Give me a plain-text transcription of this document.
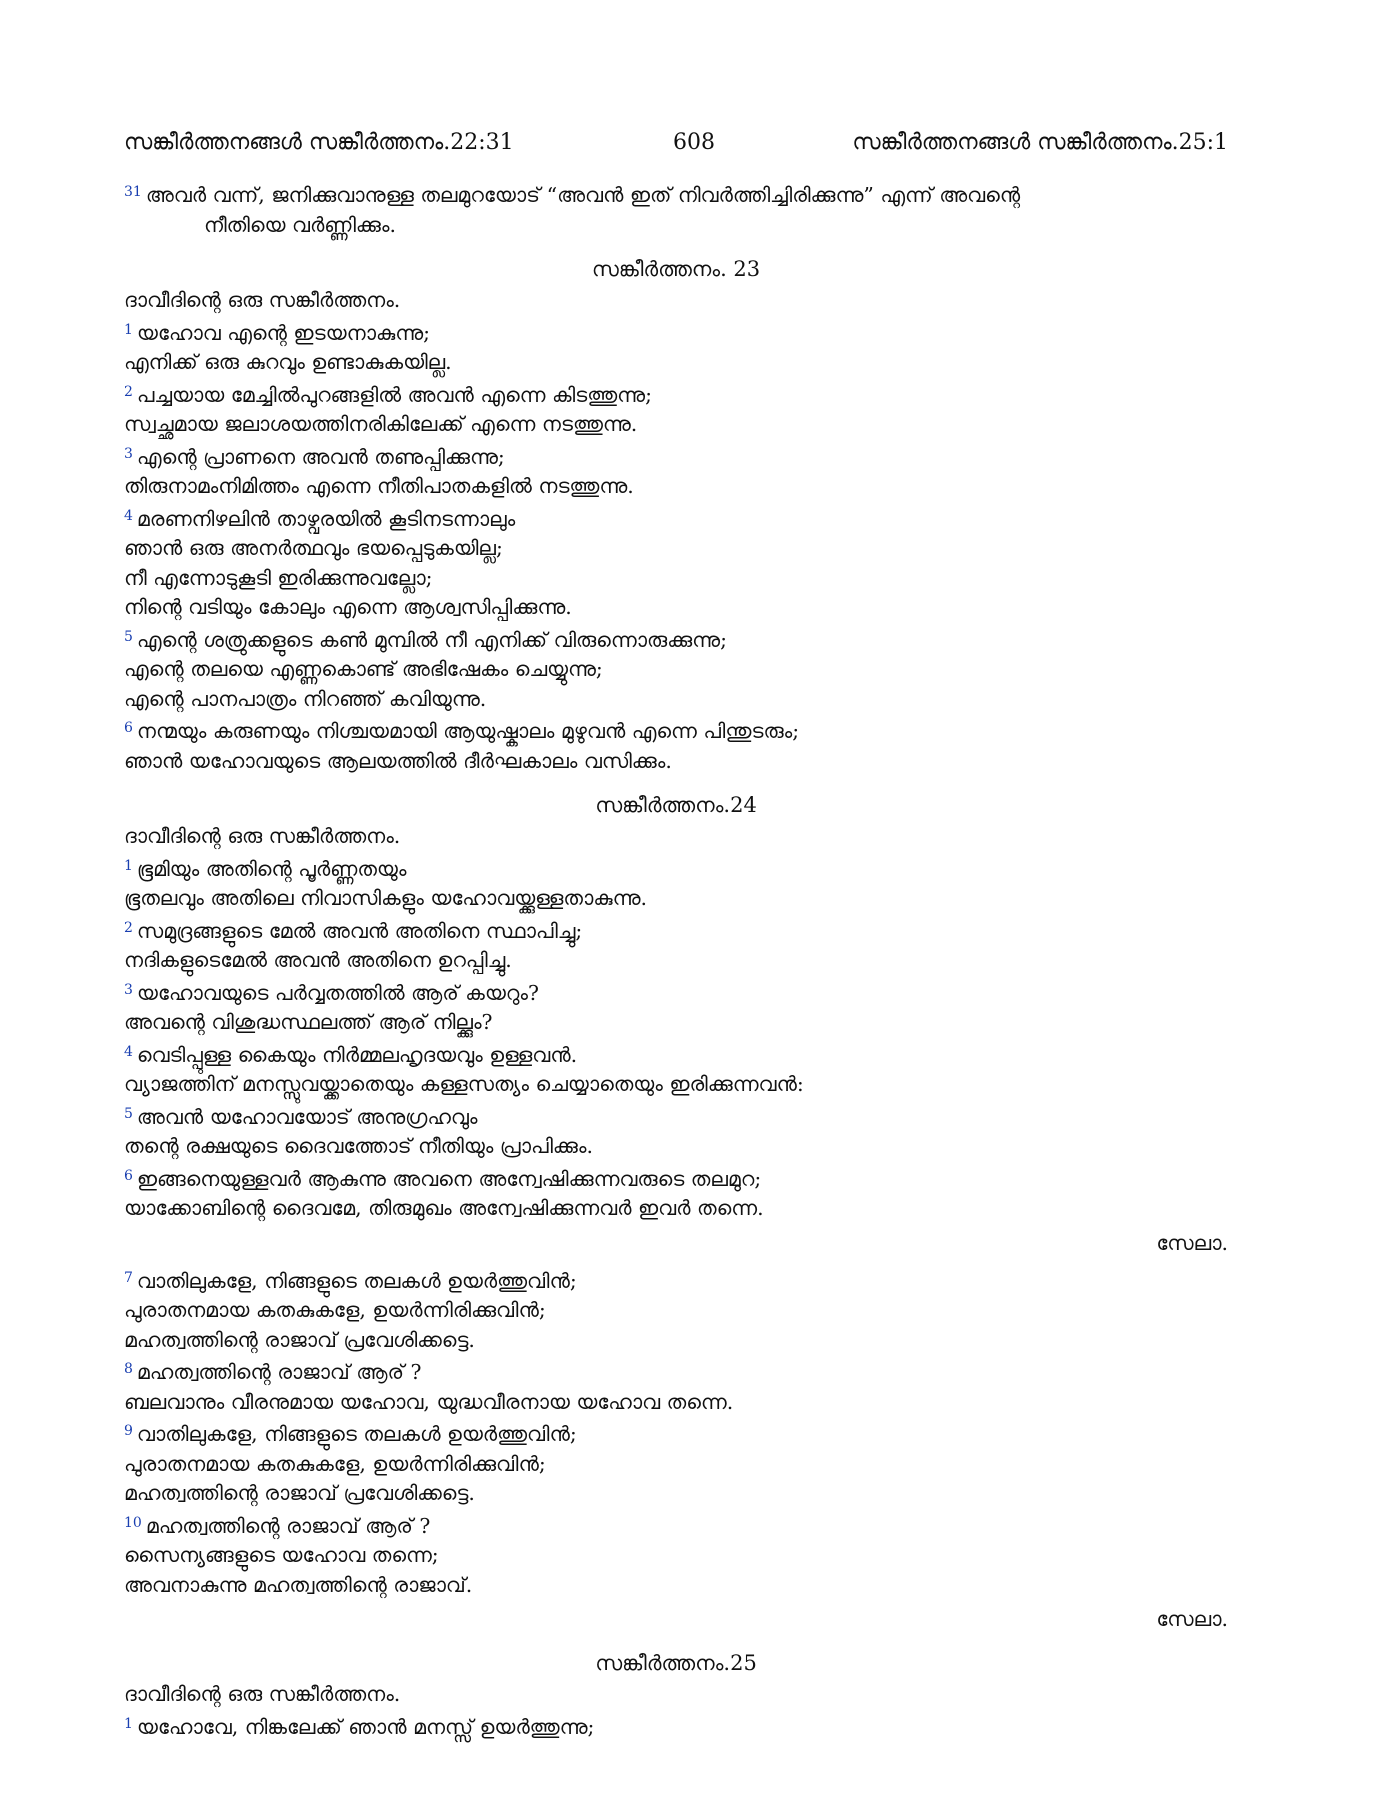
സങ്കീർത്തനങ്ങൾ സങ്കീർത്തനം.22:31	608	സങ്കീർത്തനങ്ങൾ സങ്കീർത്തനം.25:1
$^{31}$ അവർ വന്ന്, ജനിക്കുവാനുള്ള തലമുറയോട് “അവൻ ഇത് നിവർത്തിച്ചിരിക്കുന്നു” എന്ന് അവന്റെ
നീതിയെ വർണ്ണിക്കും.
സങ്കീർത്തനം. 23
ദാവീദിന്റെ ഒരു സങ്കീർത്തനം.
$^1$ യഹോവ എന്റെ ഇടയനാകുന്നു;
എനിക്ക് ഒരു കുറവും ഉണ്ടാകുകയില്ല.
$^2$ പച്ചയായ മേച്ചിൽപുറങ്ങളിൽ അവൻ എന്നെ കിടത്തുന്നു;
സ്വച്ഛമായ ജലാശയത്തിനരികിലേക്ക് എന്നെ നടത്തുന്നു.
$^3$ എന്റെ പ്രാണനെ അവൻ തണുപ്പിക്കുന്നു;
തിരുനാമംനിമിത്തം എന്നെ നീതിപാതകളിൽ നടത്തുന്നു.
$^4$ മരണനിഴലിൻ താഴ്വരയിൽ കൂടിനടന്നാലും
ഞാൻ ഒരു അനർത്ഥവും ഭയപ്പെടുകയില്ല;
നീ എന്നോടുകൂടി ഇരിക്കുന്നുവല്ലോ;
നിന്റെ വടിയും കോലും എന്നെ ആശ്വസിപ്പിക്കുന്നു.
$^5$ എന്റെ ശത്രുക്കളുടെ കൺ മുമ്പിൽ നീ എനിക്ക് വിരുന്നൊരുക്കുന്നു;
എന്റെ തലയെ എണ്ണകൊണ്ട് അഭിഷേകം ചെയ്യുന്നു;
എന്റെ പാനപാത്രം നിറഞ്ഞ് കവിയുന്നു.
$^6$ നന്മയും കരുണയും നിശ്ചയമായി ആയുഷ്കാലം മുഴുവൻ എന്നെ പിന്തുടരും;
ഞാൻ യഹോവയുടെ ആലയത്തിൽ ദീർഘകാലം വസിക്കും.
സങ്കീർത്തനം.24
ദാവീദിന്റെ ഒരു സങ്കീർത്തനം.
$^1$ ഭൂമിയും അതിന്റെ പൂർണ്ണതയും
ഭൂതലവും അതിലെ നിവാസികളും യഹോവയ്ക്കുള്ളതാകുന്നു.
$^2$ സമുദ്രങ്ങളുടെ മേൽ അവൻ അതിനെ സ്ഥാപിച്ചു;
നദികളുടെമേൽ അവൻ അതിനെ ഉറപ്പിച്ചു.
$^3$ യഹോവയുടെ പർവ്വതത്തിൽ ആര് കയറും?
അവന്റെ വിശുദ്ധസ്ഥലത്ത് ആര് നില്ക്കും?
$^4$ വെടിപ്പുള്ള കൈയും നിർമ്മലഹൃദയവും ഉള്ളവൻ.
വ്യാജത്തിന് മനസ്സുവയ്ക്കാതെയും കള്ളസത്യം ചെയ്യാതെയും ഇരിക്കുന്നവൻ:
$^5$ അവൻ യഹോവയോട് അനുഗ്രഹവും
തന്റെ രക്ഷയുടെ ദൈവത്തോട് നീതിയും പ്രാപിക്കും.
$^6$ ഇങ്ങനെയുള്ളവർ ആകുന്നു അവനെ അന്വേഷിക്കുന്നവരുടെ തലമുറ;
യാക്കോബിന്റെ ദൈവമേ, തിരുമുഖം അന്വേഷിക്കുന്നവർ ഇവർ തന്നെ.
സേലാ.
$^7$ വാതിലുകളേ, നിങ്ങളുടെ തലകൾ ഉയർത്തുവിൻ;
പുരാതനമായ കതകുകളേ, ഉയർന്നിരിക്കുവിൻ;
മഹത്വത്തിന്റെ രാജാവ് പ്രവേശിക്കട്ടെ.
$^8$ മഹത്വത്തിന്റെ രാജാവ് ആര് ?
ബലവാനും വീരനുമായ യഹോവ, യുദ്ധവീരനായ യഹോവ തന്നെ.
$^9$ വാതിലുകളേ, നിങ്ങളുടെ തലകൾ ഉയർത്തുവിൻ;
പുരാതനമായ കതകുകളേ, ഉയർന്നിരിക്കുവിൻ;
മഹത്വത്തിന്റെ രാജാവ് പ്രവേശിക്കട്ടെ.
$^{10}$ മഹത്വത്തിന്റെ രാജാവ് ആര് ?
സൈന്യങ്ങളുടെ യഹോവ തന്നെ;
അവനാകുന്നു മഹത്വത്തിന്റെ രാജാവ്.
സേലാ.
സങ്കീർത്തനം.25
ദാവീദിന്റെ ഒരു സങ്കീർത്തനം.
$^1$ യഹോവേ, നിങ്കലേക്ക് ഞാൻ മനസ്സ് ഉയർത്തുന്നു;
